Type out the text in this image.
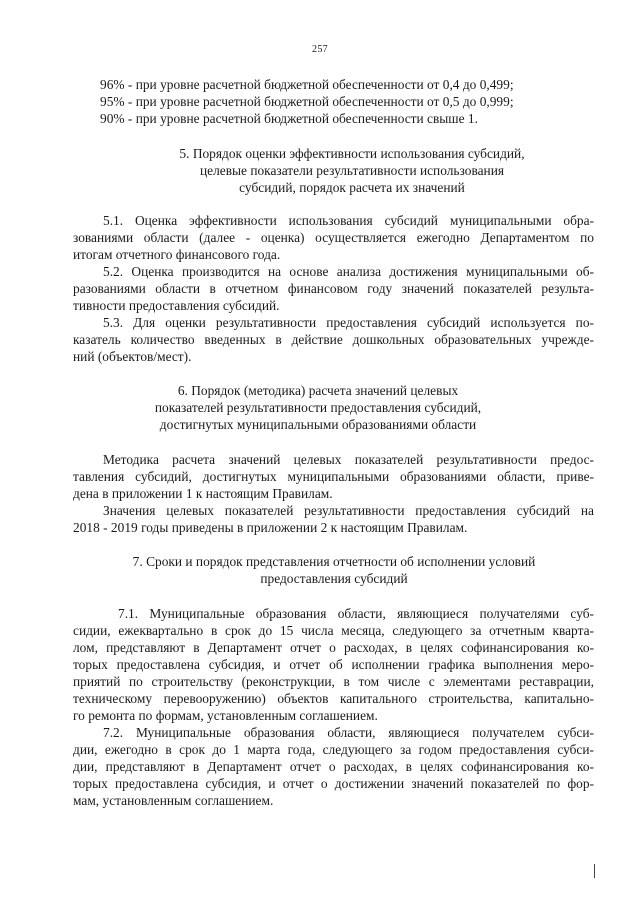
257
96% - при уровне расчетной бюджетной обеспеченности от 0,4 до 0,499;
95% - при уровне расчетной бюджетной обеспеченности от 0,5 до 0,999;
90% - при уровне расчетной бюджетной обеспеченности свыше 1.
5. Порядок оценки эффективности использования субсидий,
целевые показатели результативности использования
субсидий, порядок расчета их значений
5.1. Оценка эффективности использования субсидий муниципальными обра-
зованиями области (далее - оценка) осуществляется ежегодно Департаментом по
итогам отчетного финансового года.
5.2. Оценка производится на основе анализа достижения муниципальными об-
разованиями области в отчетном финансовом году значений показателей результа-
тивности предоставления субсидий.
5.3. Для оценки результативности предоставления субсидий используется по-
казатель количество введенных в действие дошкольных образовательных учрежде-
ний (объектов/мест).
6. Порядок (методика) расчета значений целевых
показателей результативности предоставления субсидий,
достигнутых муниципальными образованиями области
Методика расчета значений целевых показателей результативности предос-
тавления субсидий, достигнутых муниципальными образованиями области, приве-
дена в приложении 1 к настоящим Правилам.
Значения целевых показателей результативности предоставления субсидий на
2018 - 2019 годы приведены в приложении 2 к настоящим Правилам.
7. Сроки и порядок представления отчетности об исполнении условий
предоставления субсидий
7.1. Муниципальные образования области, являющиеся получателями суб-
сидии, ежеквартально в срок до 15 числа месяца, следующего за отчетным кварта-
лом, представляют в Департамент отчет о расходах, в целях софинансирования ко-
торых предоставлена субсидия, и отчет об исполнении графика выполнения меро-
приятий по строительству (реконструкции, в том числе с элементами реставрации,
техническому перевооружению) объектов капитального строительства, капитально-
го ремонта по формам, установленным соглашением.
7.2. Муниципальные образования области, являющиеся получателем субси-
дии, ежегодно в срок до 1 марта года, следующего за годом предоставления субси-
дии, представляют в Департамент отчет о расходах, в целях софинансирования ко-
торых предоставлена субсидия, и отчет о достижении значений показателей по фор-
мам, установленным соглашением.
